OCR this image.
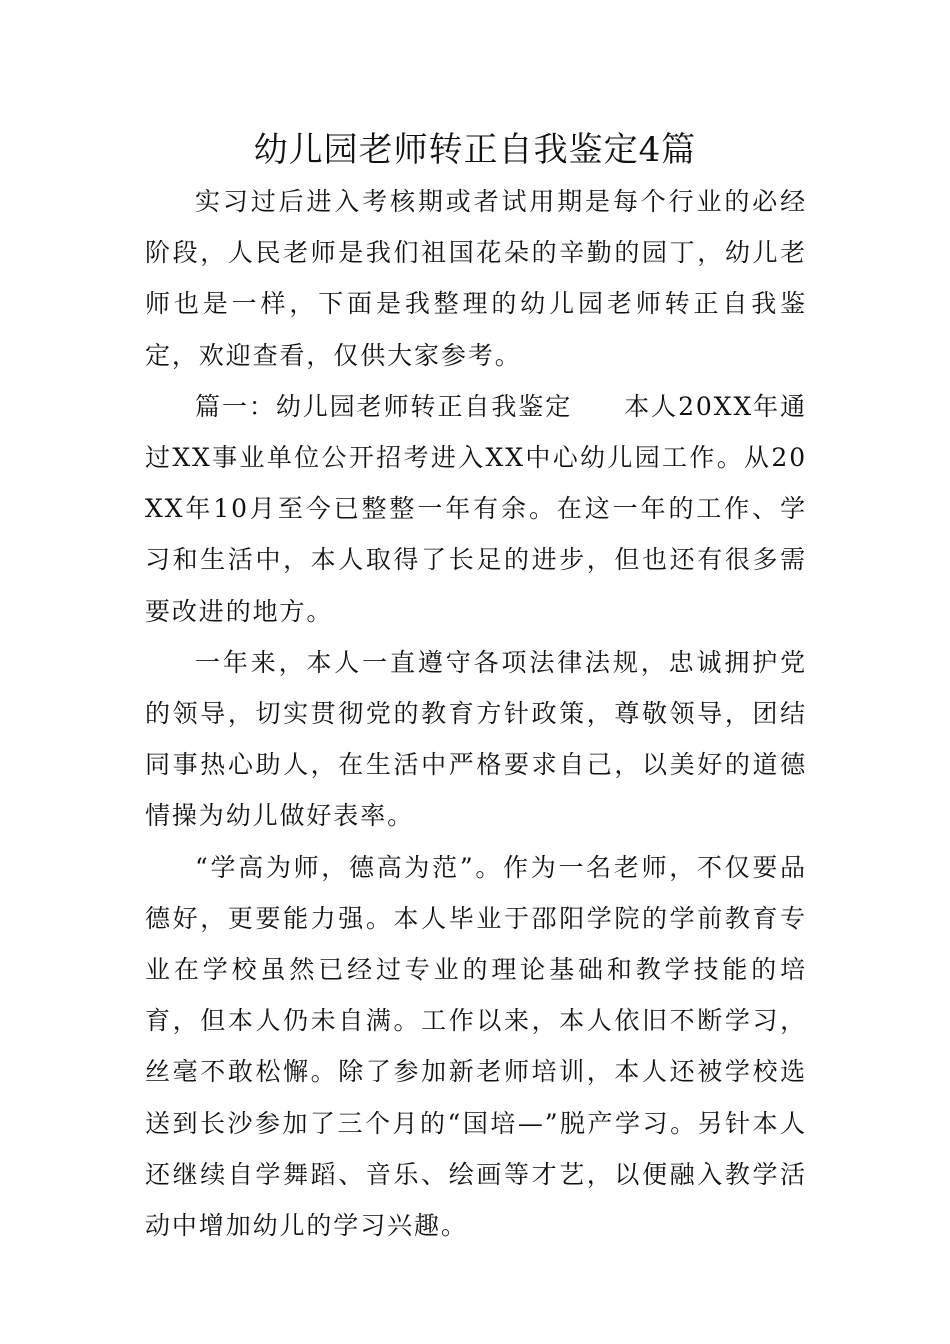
幼儿园老师转正自我鉴定4篇

实习过后进入考核期或者试用期是每个行业的必经阶段，人民老师是我们祖国花朵的辛勤的园丁，幼儿老师也是一样，下面是我整理的幼儿园老师转正自我鉴定，欢迎查看，仅供大家参考。

篇一：幼儿园老师转正自我鉴定 本人20XX年通过XX事业单位公开招考进入XX中心幼儿园工作。从20XX年10月至今已整整一年有余。在这一年的工作、学习和生活中，本人取得了长足的进步，但也还有很多需要改进的地方。

一年来，本人一直遵守各项法律法规，忠诚拥护党的领导，切实贯彻党的教育方针政策，尊敬领导，团结同事热心助人，在生活中严格要求自己，以美好的道德情操为幼儿做好表率。

“学高为师，德高为范”。作为一名老师，不仅要品德好，更要能力强。本人毕业于邵阳学院的学前教育专业在学校虽然已经过专业的理论基础和教学技能的培育，但本人仍未自满。工作以来，本人依旧不断学习，丝毫不敢松懈。除了参加新老师培训，本人还被学校选送到长沙参加了三个月的“国培—”脱产学习。另针本人还继续自学舞蹈、音乐、绘画等才艺，以便融入教学活动中增加幼儿的学习兴趣。
